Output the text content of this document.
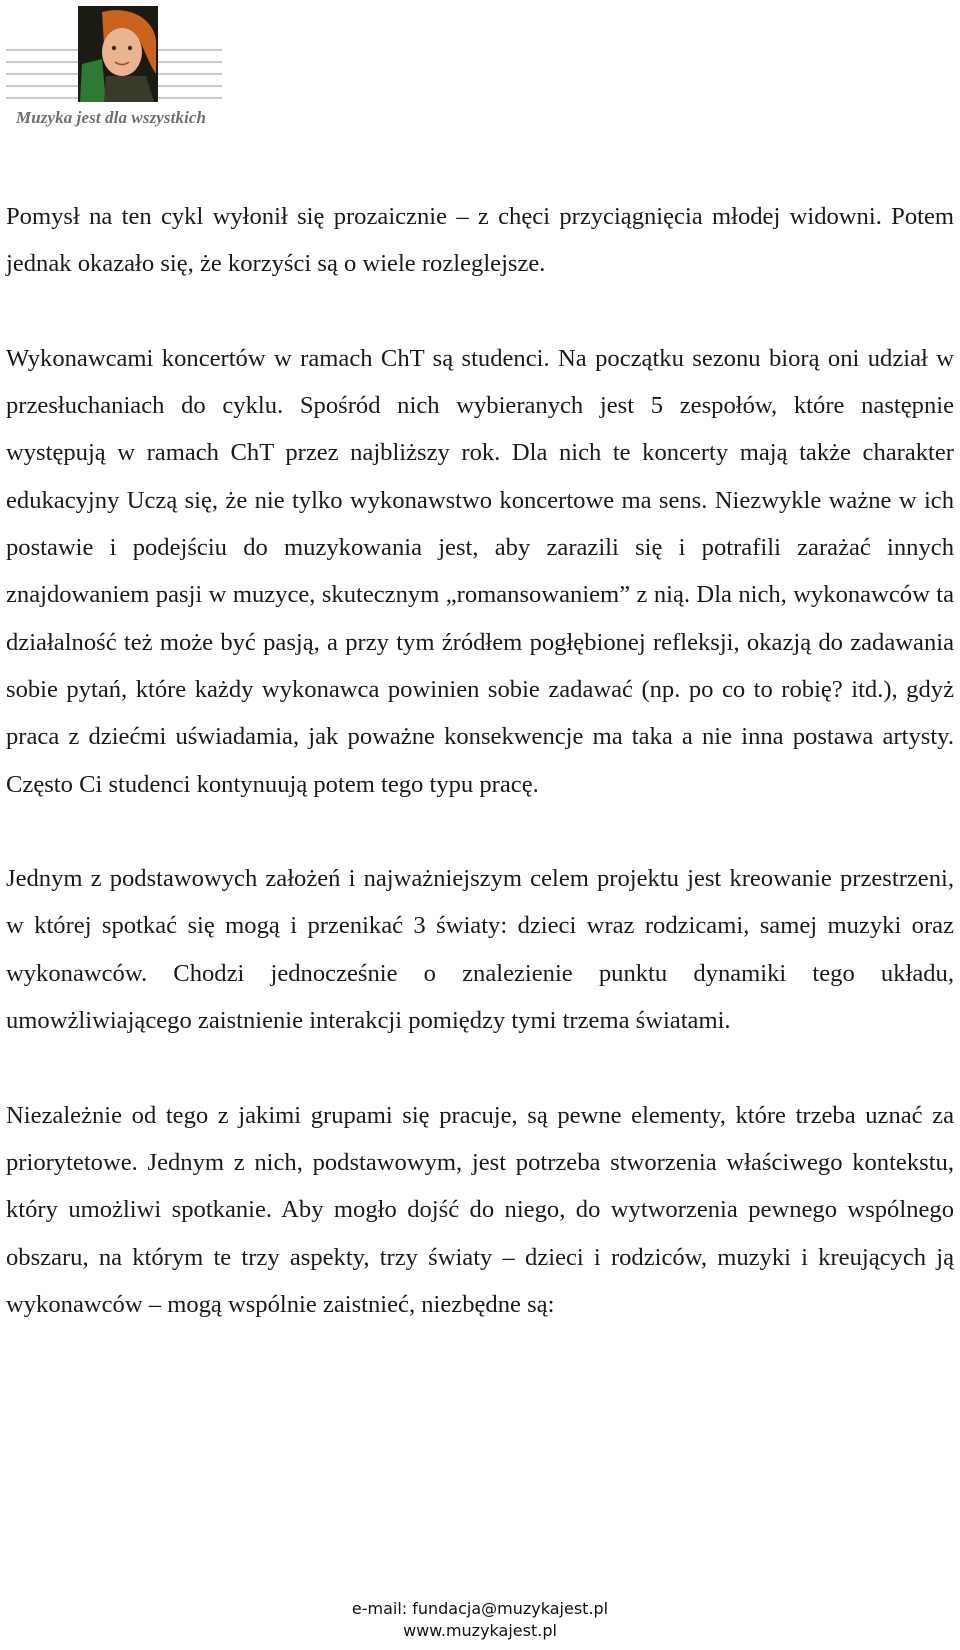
Muzyka jest dla wszystkich

Pomysł na ten cykl wyłonił się prozaicznie – z chęci przyciągnięcia młodej widowni. Potem jednak okazało się, że korzyści są o wiele rozleglejsze.

Wykonawcami koncertów w ramach ChT są studenci. Na początku sezonu biorą oni udział w przesłuchaniach do cyklu. Spośród nich wybieranych jest 5 zespołów, które następnie występują w ramach ChT przez najbliższy rok. Dla nich te koncerty mają także charakter edukacyjny Uczą się, że nie tylko wykonawstwo koncertowe ma sens. Niezwykle ważne w ich postawie i podejściu do muzykowania jest, aby zarazili się i potrafili zarażać innych znajdowaniem pasji w muzyce, skutecznym „romansowaniem” z nią. Dla nich, wykonawców ta działalność też może być pasją, a przy tym źródłem pogłębionej refleksji, okazją do zadawania sobie pytań, które każdy wykonawca powinien sobie zadawać (np. po co to robię? itd.), gdyż praca z dziećmi uświadamia, jak poważne konsekwencje ma taka a nie inna postawa artysty. Często Ci studenci kontynuują potem tego typu pracę.

Jednym z podstawowych założeń i najważniejszym celem projektu jest kreowanie przestrzeni, w której spotkać się mogą i przenikać 3 światy: dzieci wraz rodzicami, samej muzyki oraz wykonawców. Chodzi jednocześnie o znalezienie punktu dynamiki tego układu, umowżliwiającego zaistnienie interakcji pomiędzy tymi trzema światami.

Niezależnie od tego z jakimi grupami się pracuje, są pewne elementy, które trzeba uznać za priorytetowe. Jednym z nich, podstawowym, jest potrzeba stworzenia właściwego kontekstu, który umożliwi spotkanie. Aby mogło dojść do niego, do wytworzenia pewnego wspólnego obszaru, na którym te trzy aspekty, trzy światy – dzieci i rodziców, muzyki i kreujących ją wykonawców – mogą wspólnie zaistnieć, niezbędne są:

e-mail: fundacja@muzykajest.pl
www.muzykajest.pl
